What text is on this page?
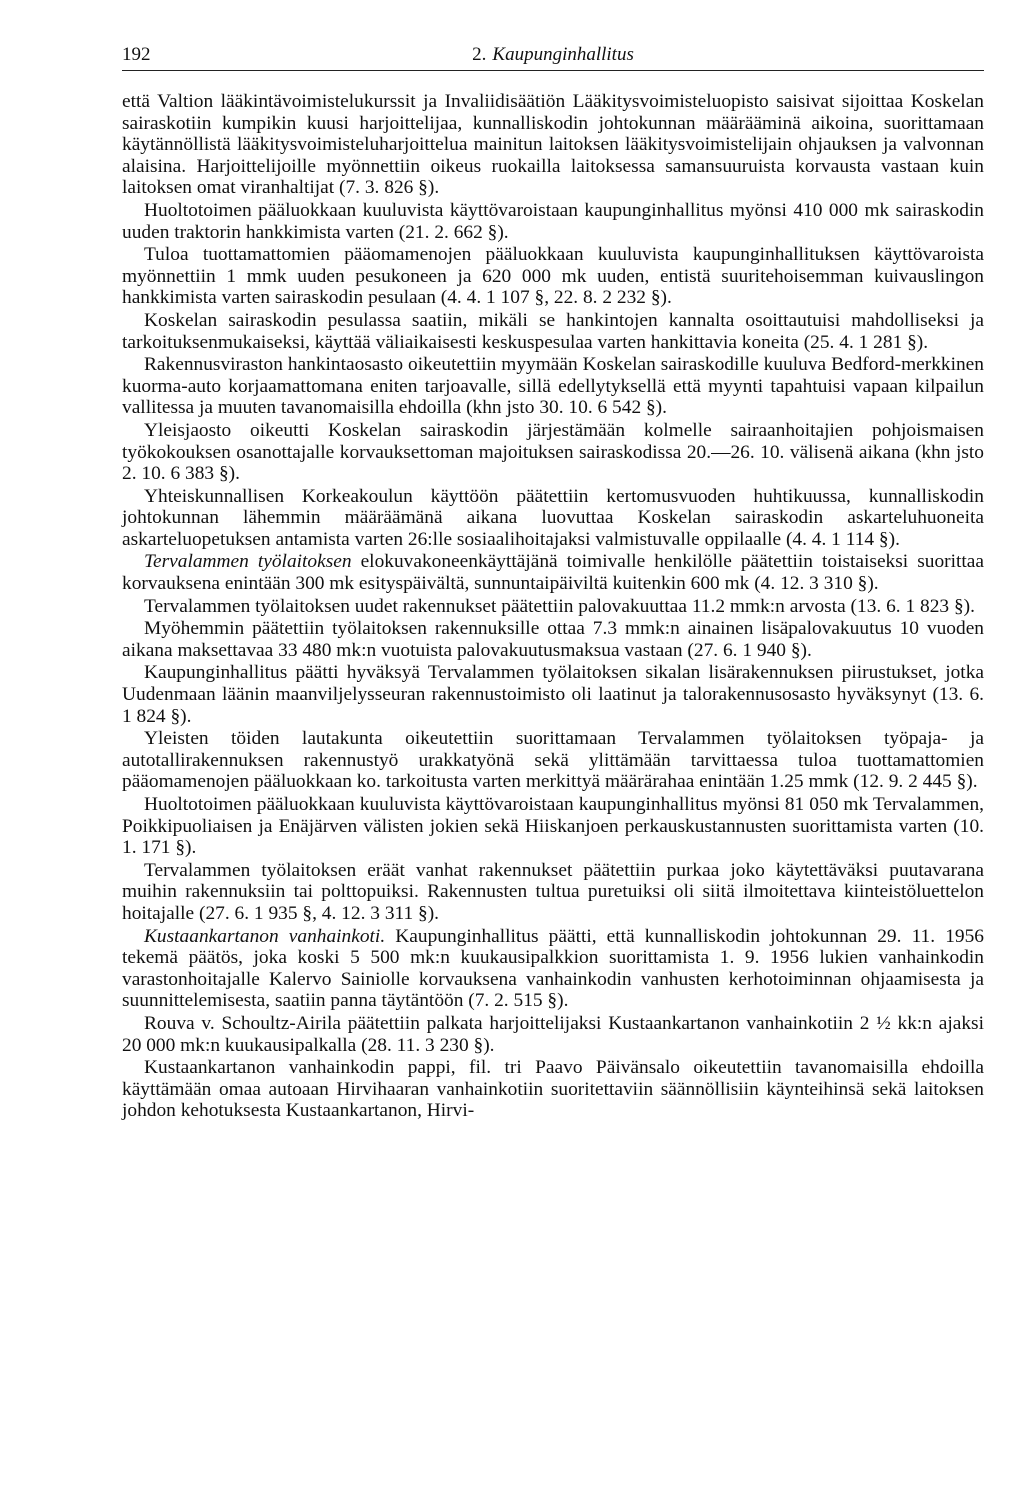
192	2. Kaupunginhallitus

että Valtion lääkintävoimistelukurssit ja Invaliidisäätiön Lääkitysvoimisteluopisto saisivat sijoittaa Koskelan sairaskotiin kumpikin kuusi harjoittelijaa, kunnalliskodin johtokunnan määrääminä aikoina, suorittamaan käytännöllistä lääkitysvoimisteluharjoittelua mainitun laitoksen lääkitysvoimistelijain ohjauksen ja valvonnan alaisina. Harjoittelijoille myönnettiin oikeus ruokailla laitoksessa samansuuruista korvausta vastaan kuin laitoksen omat viranhaltijat (7. 3. 826 §).

Huoltotoimen pääluokkaan kuuluvista käyttövaroistaan kaupunginhallitus myönsi 410 000 mk sairaskodin uuden traktorin hankkimista varten (21. 2. 662 §).

Tuloa tuottamattomien pääomamenojen pääluokkaan kuuluvista kaupunginhallituksen käyttövaroista myönnettiin 1 mmk uuden pesukoneen ja 620 000 mk uuden, entistä suuritehoisemman kuivauslingon hankkimista varten sairaskodin pesulaan (4. 4. 1 107 §, 22. 8. 2 232 §).

Koskelan sairaskodin pesulassa saatiin, mikäli se hankintojen kannalta osoittautuisi mahdolliseksi ja tarkoituksenmukaiseksi, käyttää väliaikaisesti keskuspesulaa varten hankittavia koneita (25. 4. 1 281 §).

Rakennusviraston hankintaosasto oikeutettiin myymään Koskelan sairaskodille kuuluva Bedford-merkkinen kuorma-auto korjaamattomana eniten tarjoavalle, sillä edellytyksellä että myynti tapahtuisi vapaan kilpailun vallitessa ja muuten tavanomaisilla ehdoilla (khn jsto 30. 10. 6 542 §).

Yleisjaosto oikeutti Koskelan sairaskodin järjestämään kolmelle sairaanhoitajien pohjoismaisen työkokouksen osanottajalle korvauksettoman majoituksen sairaskodissa 20.—26. 10. välisenä aikana (khn jsto 2. 10. 6 383 §).

Yhteiskunnallisen Korkeakoulun käyttöön päätettiin kertomusvuoden huhtikuussa, kunnalliskodin johtokunnan lähemmin määräämänä aikana luovuttaa Koskelan sairaskodin askarteluhuoneita askarteluopetuksen antamista varten 26:lle sosiaalihoitajaksi valmistuvalle oppilaalle (4. 4. 1 114 §).

Tervalammen työlaitoksen elokuvakoneenkäyttäjänä toimivalle henkilölle päätettiin toistaiseksi suorittaa korvauksena enintään 300 mk esityspäivältä, sunnuntaipäiviltä kuitenkin 600 mk (4. 12. 3 310 §).

Tervalammen työlaitoksen uudet rakennukset päätettiin palovakuuttaa 11.2 mmk:n arvosta (13. 6. 1 823 §).

Myöhemmin päätettiin työlaitoksen rakennuksille ottaa 7.3 mmk:n ainainen lisäpalovakuutus 10 vuoden aikana maksettavaa 33 480 mk:n vuotuista palovakuutusmaksua vastaan (27. 6. 1 940 §).

Kaupunginhallitus päätti hyväksyä Tervalammen työlaitoksen sikalan lisärakennuksen piirustukset, jotka Uudenmaan läänin maanviljelysseuran rakennustoimisto oli laatinut ja talorakennusosasto hyväksynyt (13. 6. 1 824 §).

Yleisten töiden lautakunta oikeutettiin suorittamaan Tervalammen työlaitoksen työpaja- ja autotallirakennuksen rakennustyö urakkatyönä sekä ylittämään tarvittaessa tuloa tuottamattomien pääomamenojen pääluokkaan ko. tarkoitusta varten merkittyä määrärahaa enintään 1.25 mmk (12. 9. 2 445 §).

Huoltotoimen pääluokkaan kuuluvista käyttövaroistaan kaupunginhallitus myönsi 81 050 mk Tervalammen, Poikkipuoliaisen ja Enäjärven välisten jokien sekä Hiiskanjoen perkauskustannusten suorittamista varten (10. 1. 171 §).

Tervalammen työlaitoksen eräät vanhat rakennukset päätettiin purkaa joko käytettäväksi puutavarana muihin rakennuksiin tai polttopuiksi. Rakennusten tultua puretuiksi oli siitä ilmoitettava kiinteistöluettelon hoitajalle (27. 6. 1 935 §, 4. 12. 3 311 §).

Kustaankartanon vanhainkoti. Kaupunginhallitus päätti, että kunnalliskodin johtokunnan 29. 11. 1956 tekemä päätös, joka koski 5 500 mk:n kuukausipalkkion suorittamista 1. 9. 1956 lukien vanhainkodin varastonhoitajalle Kalervo Sainiolle korvauksena vanhainkodin vanhusten kerhotoiminnan ohjaamisesta ja suunnittelemisesta, saatiin panna täytäntöön (7. 2. 515 §).

Rouva v. Schoultz-Airila päätettiin palkata harjoittelijaksi Kustaankartanon vanhainkotiin 2 ½ kk:n ajaksi 20 000 mk:n kuukausipalkalla (28. 11. 3 230 §).

Kustaankartanon vanhainkodin pappi, fil. tri Paavo Päivänsalo oikeutettiin tavanomaisilla ehdoilla käyttämään omaa autoaan Hirvihaaran vanhainkotiin suoritettaviin säännöllisiin käynteihinsä sekä laitoksen johdon kehotuksesta Kustaankartanon, Hirvi-
